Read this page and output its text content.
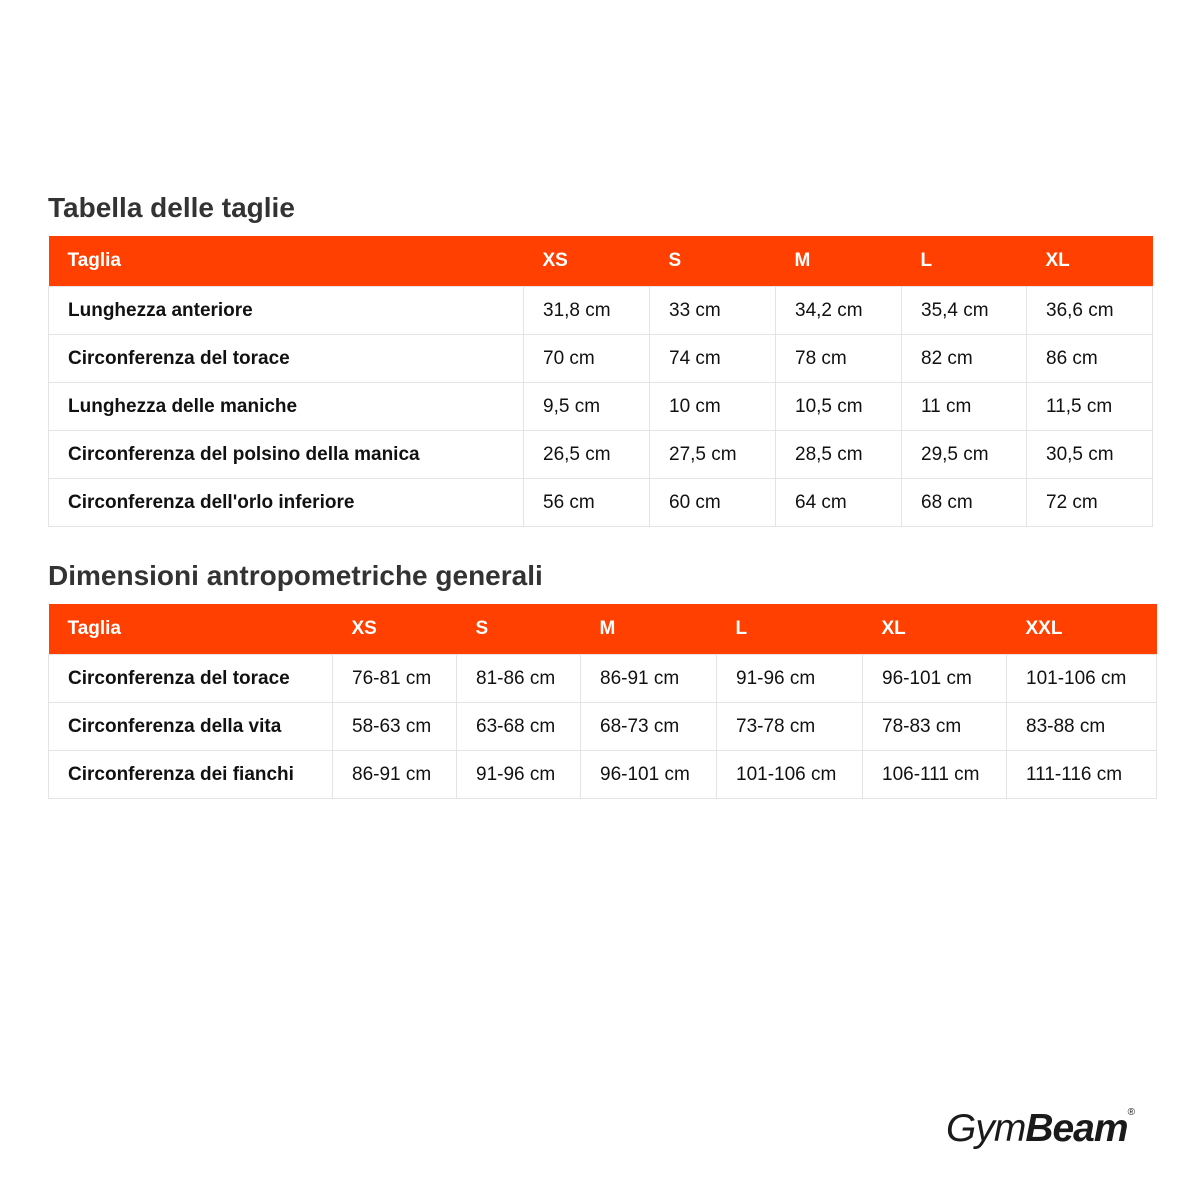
Tabella delle taglie
Taglia	XS	S	M	L	XL
Lunghezza anteriore	31,8 cm	33 cm	34,2 cm	35,4 cm	36,6 cm
Circonferenza del torace	70 cm	74 cm	78 cm	82 cm	86 cm
Lunghezza delle maniche	9,5 cm	10 cm	10,5 cm	11 cm	11,5 cm
Circonferenza del polsino della manica	26,5 cm	27,5 cm	28,5 cm	29,5 cm	30,5 cm
Circonferenza dell'orlo inferiore	56 cm	60 cm	64 cm	68 cm	72 cm
Dimensioni antropometriche generali
Taglia	XS	S	M	L	XL	XXL
Circonferenza del torace	76-81 cm	81-86 cm	86-91 cm	91-96 cm	96-101 cm	101-106 cm
Circonferenza della vita	58-63 cm	63-68 cm	68-73 cm	73-78 cm	78-83 cm	83-88 cm
Circonferenza dei fianchi	86-91 cm	91-96 cm	96-101 cm	101-106 cm	106-111 cm	111-116 cm
GymBeam®
